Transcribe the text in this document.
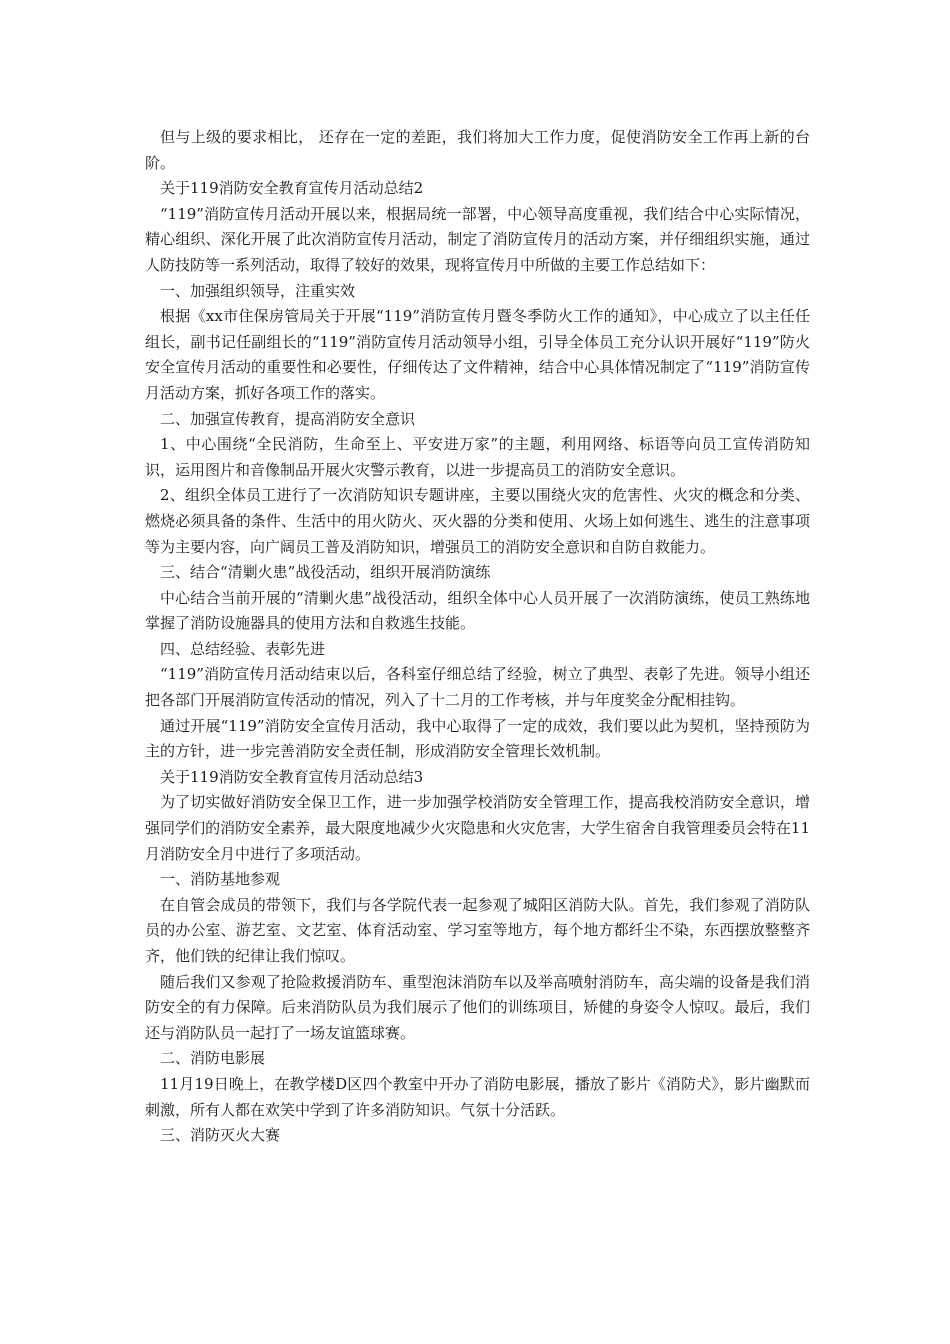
但与上级的要求相比， 还存在一定的差距，我们将加大工作力度，促使消防安全工作再上新的台阶。

关于119消防安全教育宣传月活动总结2

“119”消防宣传月活动开展以来，根据局统一部署，中心领导高度重视，我们结合中心实际情况，精心组织、深化开展了此次消防宣传月活动，制定了消防宣传月的活动方案，并仔细组织实施，通过人防技防等一系列活动，取得了较好的效果，现将宣传月中所做的主要工作总结如下：

一、加强组织领导，注重实效

根据《xx市住保房管局关于开展“119”消防宣传月暨冬季防火工作的通知》，中心成立了以主任任组长，副书记任副组长的“119”消防宣传月活动领导小组，引导全体员工充分认识开展好“119”防火安全宣传月活动的重要性和必要性，仔细传达了文件精神，结合中心具体情况制定了“119”消防宣传月活动方案，抓好各项工作的落实。

二、加强宣传教育，提高消防安全意识

1、中心围绕“全民消防，生命至上、平安进万家”的主题，利用网络、标语等向员工宣传消防知识，运用图片和音像制品开展火灾警示教育，以进一步提高员工的消防安全意识。

2、组织全体员工进行了一次消防知识专题讲座，主要以围绕火灾的危害性、火灾的概念和分类、燃烧必须具备的条件、生活中的用火防火、灭火器的分类和使用、火场上如何逃生、逃生的注意事项等为主要内容，向广阔员工普及消防知识，增强员工的消防安全意识和自防自救能力。

三、结合“清剿火患”战役活动，组织开展消防演练

中心结合当前开展的“清剿火患”战役活动，组织全体中心人员开展了一次消防演练，使员工熟练地掌握了消防设施器具的使用方法和自救逃生技能。

四、总结经验、表彰先进

“119”消防宣传月活动结束以后，各科室仔细总结了经验，树立了典型、表彰了先进。领导小组还把各部门开展消防宣传活动的情况，列入了十二月的工作考核，并与年度奖金分配相挂钩。

通过开展“119”消防安全宣传月活动，我中心取得了一定的成效，我们要以此为契机，坚持预防为主的方针，进一步完善消防安全责任制，形成消防安全管理长效机制。

关于119消防安全教育宣传月活动总结3

为了切实做好消防安全保卫工作，进一步加强学校消防安全管理工作，提高我校消防安全意识，增强同学们的消防安全素养，最大限度地减少火灾隐患和火灾危害，大学生宿舍自我管理委员会特在11月消防安全月中进行了多项活动。

一、消防基地参观

在自管会成员的带领下，我们与各学院代表一起参观了城阳区消防大队。首先，我们参观了消防队员的办公室、游艺室、文艺室、体育活动室、学习室等地方，每个地方都纤尘不染，东西摆放整整齐齐，他们铁的纪律让我们惊叹。

随后我们又参观了抢险救援消防车、重型泡沫消防车以及举高喷射消防车，高尖端的设备是我们消防安全的有力保障。后来消防队员为我们展示了他们的训练项目，矫健的身姿令人惊叹。最后，我们还与消防队员一起打了一场友谊篮球赛。

二、消防电影展

11月19日晚上，在教学楼D区四个教室中开办了消防电影展，播放了影片《消防犬》，影片幽默而刺激，所有人都在欢笑中学到了许多消防知识。气氛十分活跃。

三、消防灭火大赛
